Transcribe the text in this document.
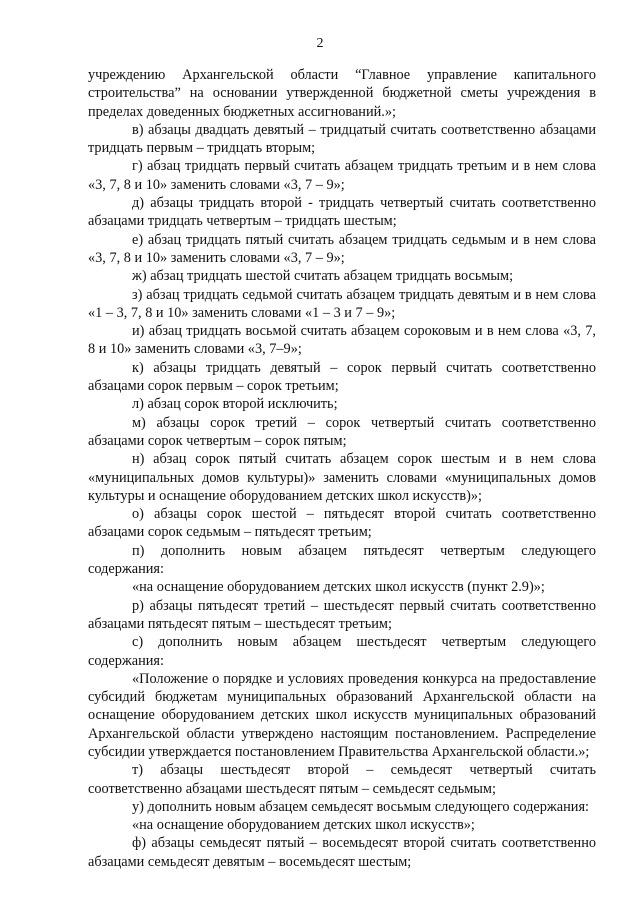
2

учреждению Архангельской области “Главное управление капитального строительства” на основании утвержденной бюджетной сметы учреждения в пределах доведенных бюджетных ассигнований.»;

в) абзацы двадцать девятый – тридцатый считать соответственно абзацами тридцать первым – тридцать вторым;

г) абзац тридцать первый считать абзацем тридцать третьим и в нем слова «3, 7, 8 и 10» заменить словами «3, 7 – 9»;

д) абзацы тридцать второй - тридцать четвертый считать соответственно абзацами тридцать четвертым – тридцать шестым;

е) абзац тридцать пятый считать абзацем тридцать седьмым и в нем слова «3, 7, 8 и 10» заменить словами «3, 7 – 9»;

ж) абзац тридцать шестой считать абзацем тридцать восьмым;

з) абзац тридцать седьмой считать абзацем тридцать девятым и в нем слова «1 – 3, 7, 8 и 10» заменить словами «1 – 3 и 7 – 9»;

и) абзац тридцать восьмой считать абзацем сороковым и в нем слова «3, 7, 8 и 10» заменить словами «3, 7–9»;

к) абзацы тридцать девятый – сорок первый считать соответственно абзацами сорок первым – сорок третьим;

л) абзац сорок второй исключить;

м) абзацы сорок третий – сорок четвертый считать соответственно абзацами сорок четвертым – сорок пятым;

н) абзац сорок пятый считать абзацем сорок шестым и в нем слова «муниципальных домов культуры)» заменить словами «муниципальных домов культуры и оснащение оборудованием детских школ искусств)»;

о) абзацы сорок шестой – пятьдесят второй считать соответственно абзацами сорок седьмым – пятьдесят третьим;

п) дополнить новым абзацем пятьдесят четвертым следующего содержания:

«на оснащение оборудованием детских школ искусств (пункт 2.9)»;

р) абзацы пятьдесят третий – шестьдесят первый считать соответственно абзацами пятьдесят пятым – шестьдесят третьим;

с) дополнить новым абзацем шестьдесят четвертым следующего содержания:

«Положение о порядке и условиях проведения конкурса на предоставление субсидий бюджетам муниципальных образований Архангельской области на оснащение оборудованием детских школ искусств муниципальных образований Архангельской области утверждено настоящим постановлением. Распределение субсидии утверждается постановлением Правительства Архангельской области.»;

т) абзацы шестьдесят второй – семьдесят четвертый считать соответственно абзацами шестьдесят пятым – семьдесят седьмым;

у) дополнить новым абзацем семьдесят восьмым следующего содержания:

«на оснащение оборудованием детских школ искусств»;

ф) абзацы семьдесят пятый – восемьдесят второй считать соответственно абзацами семьдесят девятым – восемьдесят шестым;
